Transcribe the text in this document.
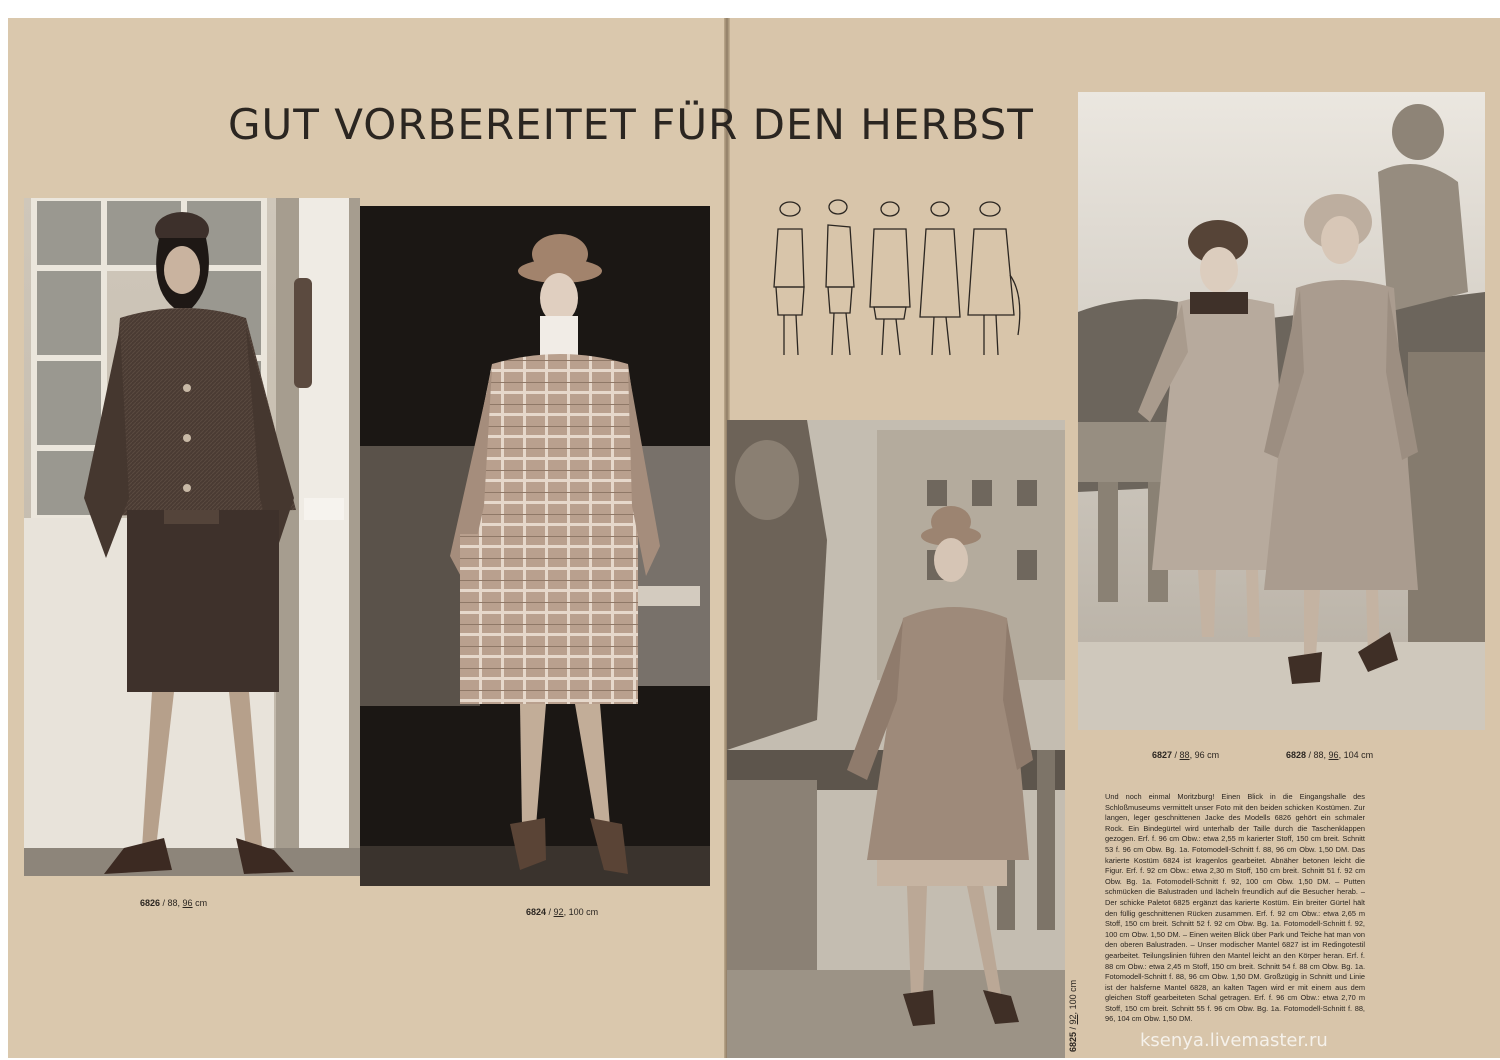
GUT VORBEREITET FÜR DEN HERBST
6826 / 88, 96 cm
6824 / 92, 100 cm
6827 / 88, 96 cm	6828 / 88, 96, 104 cm
6825 / 92, 100 cm
Und noch einmal Moritzburg! Einen Blick in die Eingangshalle des Schloßmuseums vermittelt unser Foto mit den beiden schicken Kostümen. Zur langen, leger geschnittenen Jacke des Modells 6826 gehört ein schmaler Rock. Ein Bindegürtel wird unterhalb der Taille durch die Taschenklappen gezogen. Erf. f. 96 cm Obw.: etwa 2,55 m karierter Stoff, 150 cm breit. Schnitt 53 f. 96 cm Obw. Bg. 1a. Fotomodell-Schnitt f. 88, 96 cm Obw. 1,50 DM. Das karierte Kostüm 6824 ist kragenlos gearbeitet. Abnäher betonen leicht die Figur. Erf. f. 92 cm Obw.: etwa 2,30 m Stoff, 150 cm breit. Schnitt 51 f. 92 cm Obw. Bg. 1a. Fotomodell-Schnitt f. 92, 100 cm Obw. 1,50 DM. – Putten schmücken die Balustraden und lächeln freundlich auf die Besucher herab. – Der schicke Paletot 6825 ergänzt das karierte Kostüm. Ein breiter Gürtel hält den füllig geschnittenen Rücken zusammen. Erf. f. 92 cm Obw.: etwa 2,65 m Stoff, 150 cm breit. Schnitt 52 f. 92 cm Obw. Bg. 1a. Fotomodell-Schnitt f. 92, 100 cm Obw. 1,50 DM. – Einen weiten Blick über Park und Teiche hat man von den oberen Balustraden. – Unser modischer Mantel 6827 ist im Redingotestil gearbeitet. Teilungslinien führen den Mantel leicht an den Körper heran. Erf. f. 88 cm Obw.: etwa 2,45 m Stoff, 150 cm breit. Schnitt 54 f. 88 cm Obw. Bg. 1a. Fotomodell-Schnitt f. 88, 96 cm Obw. 1,50 DM. Großzügig in Schnitt und Linie ist der halsferne Mantel 6828, an kalten Tagen wird er mit einem aus dem gleichen Stoff gearbeiteten Schal getragen. Erf. f. 96 cm Obw.: etwa 2,70 m Stoff, 150 cm breit. Schnitt 55 f. 96 cm Obw. Bg. 1a. Fotomodell-Schnitt f. 88, 96, 104 cm Obw. 1,50 DM.
ksenya.livemaster.ru
